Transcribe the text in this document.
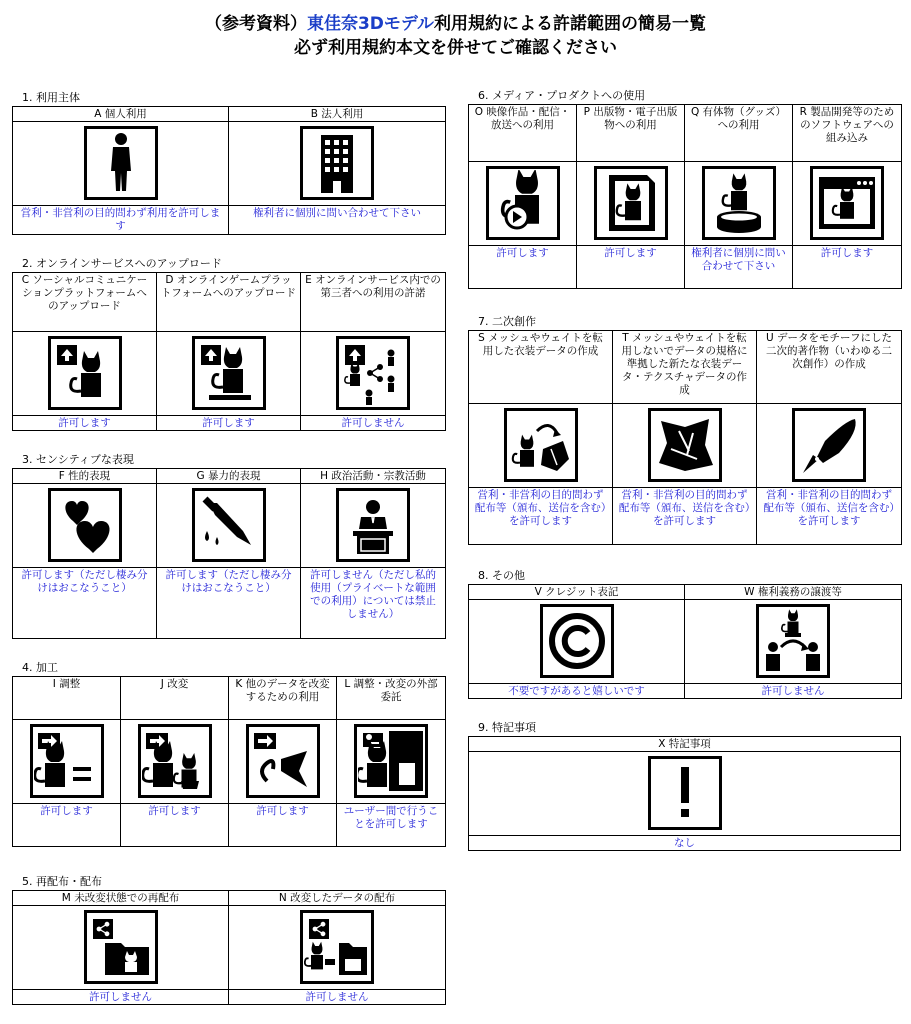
（参考資料）東佳奈3Dモデル利用規約による許諾範囲の簡易一覧
必ず利用規約本文を併せてご確認ください
1. 利用主体
A 個人利用	B 法人利用

営利・非営利の目的問わず利用を許可します	権利者に個別に問い合わせて下さい
2. オンラインサービスへのアップロード
C ソーシャルコミュニケーションプラットフォームへのアップロード	D オンラインゲームプラットフォームへのアップロード	E オンラインサービス内での第三者への利用の許諾

許可します	許可します	許可しません
3. センシティブな表現
F 性的表現	G 暴力的表現	H 政治活動・宗教活動

許可します（ただし棲み分けはおこなうこと）	許可します（ただし棲み分けはおこなうこと）	許可しません（ただし私的使用（プライベートな範囲での利用）については禁止しません）
4. 加工
I 調整	J 改変	K 他のデータを改変するための利用	L 調整・改変の外部委託

許可します	許可します	許可します	ユーザー間で行うことを許可します
5. 再配布・配布
M 未改変状態での再配布	N 改変したデータの配布

許可しません	許可しません
6. メディア・プロダクトへの使用
O 映像作品・配信・放送への利用	P 出版物・電子出版物への利用	Q 有体物（グッズ）への利用	R 製品開発等のためのソフトウェアへの組み込み

許可します	許可します	権利者に個別に問い合わせて下さい	許可します
7. 二次創作
S メッシュやウェイトを転用した衣装データの作成	T メッシュやウェイトを転用しないでデータの規格に準拠した新たな衣装データ・テクスチャデータの作成	U データをモチーフにした二次的著作物（いわゆる二次創作）の作成

営利・非営利の目的問わず配布等（頒布、送信を含む）を許可します	営利・非営利の目的問わず配布等（頒布、送信を含む）を許可します	営利・非営利の目的問わず配布等（頒布、送信を含む）を許可します
8. その他
V クレジット表記	W 権利義務の譲渡等

不要ですがあると嬉しいです	許可しません
9. 特記事項
X 特記事項

なし
